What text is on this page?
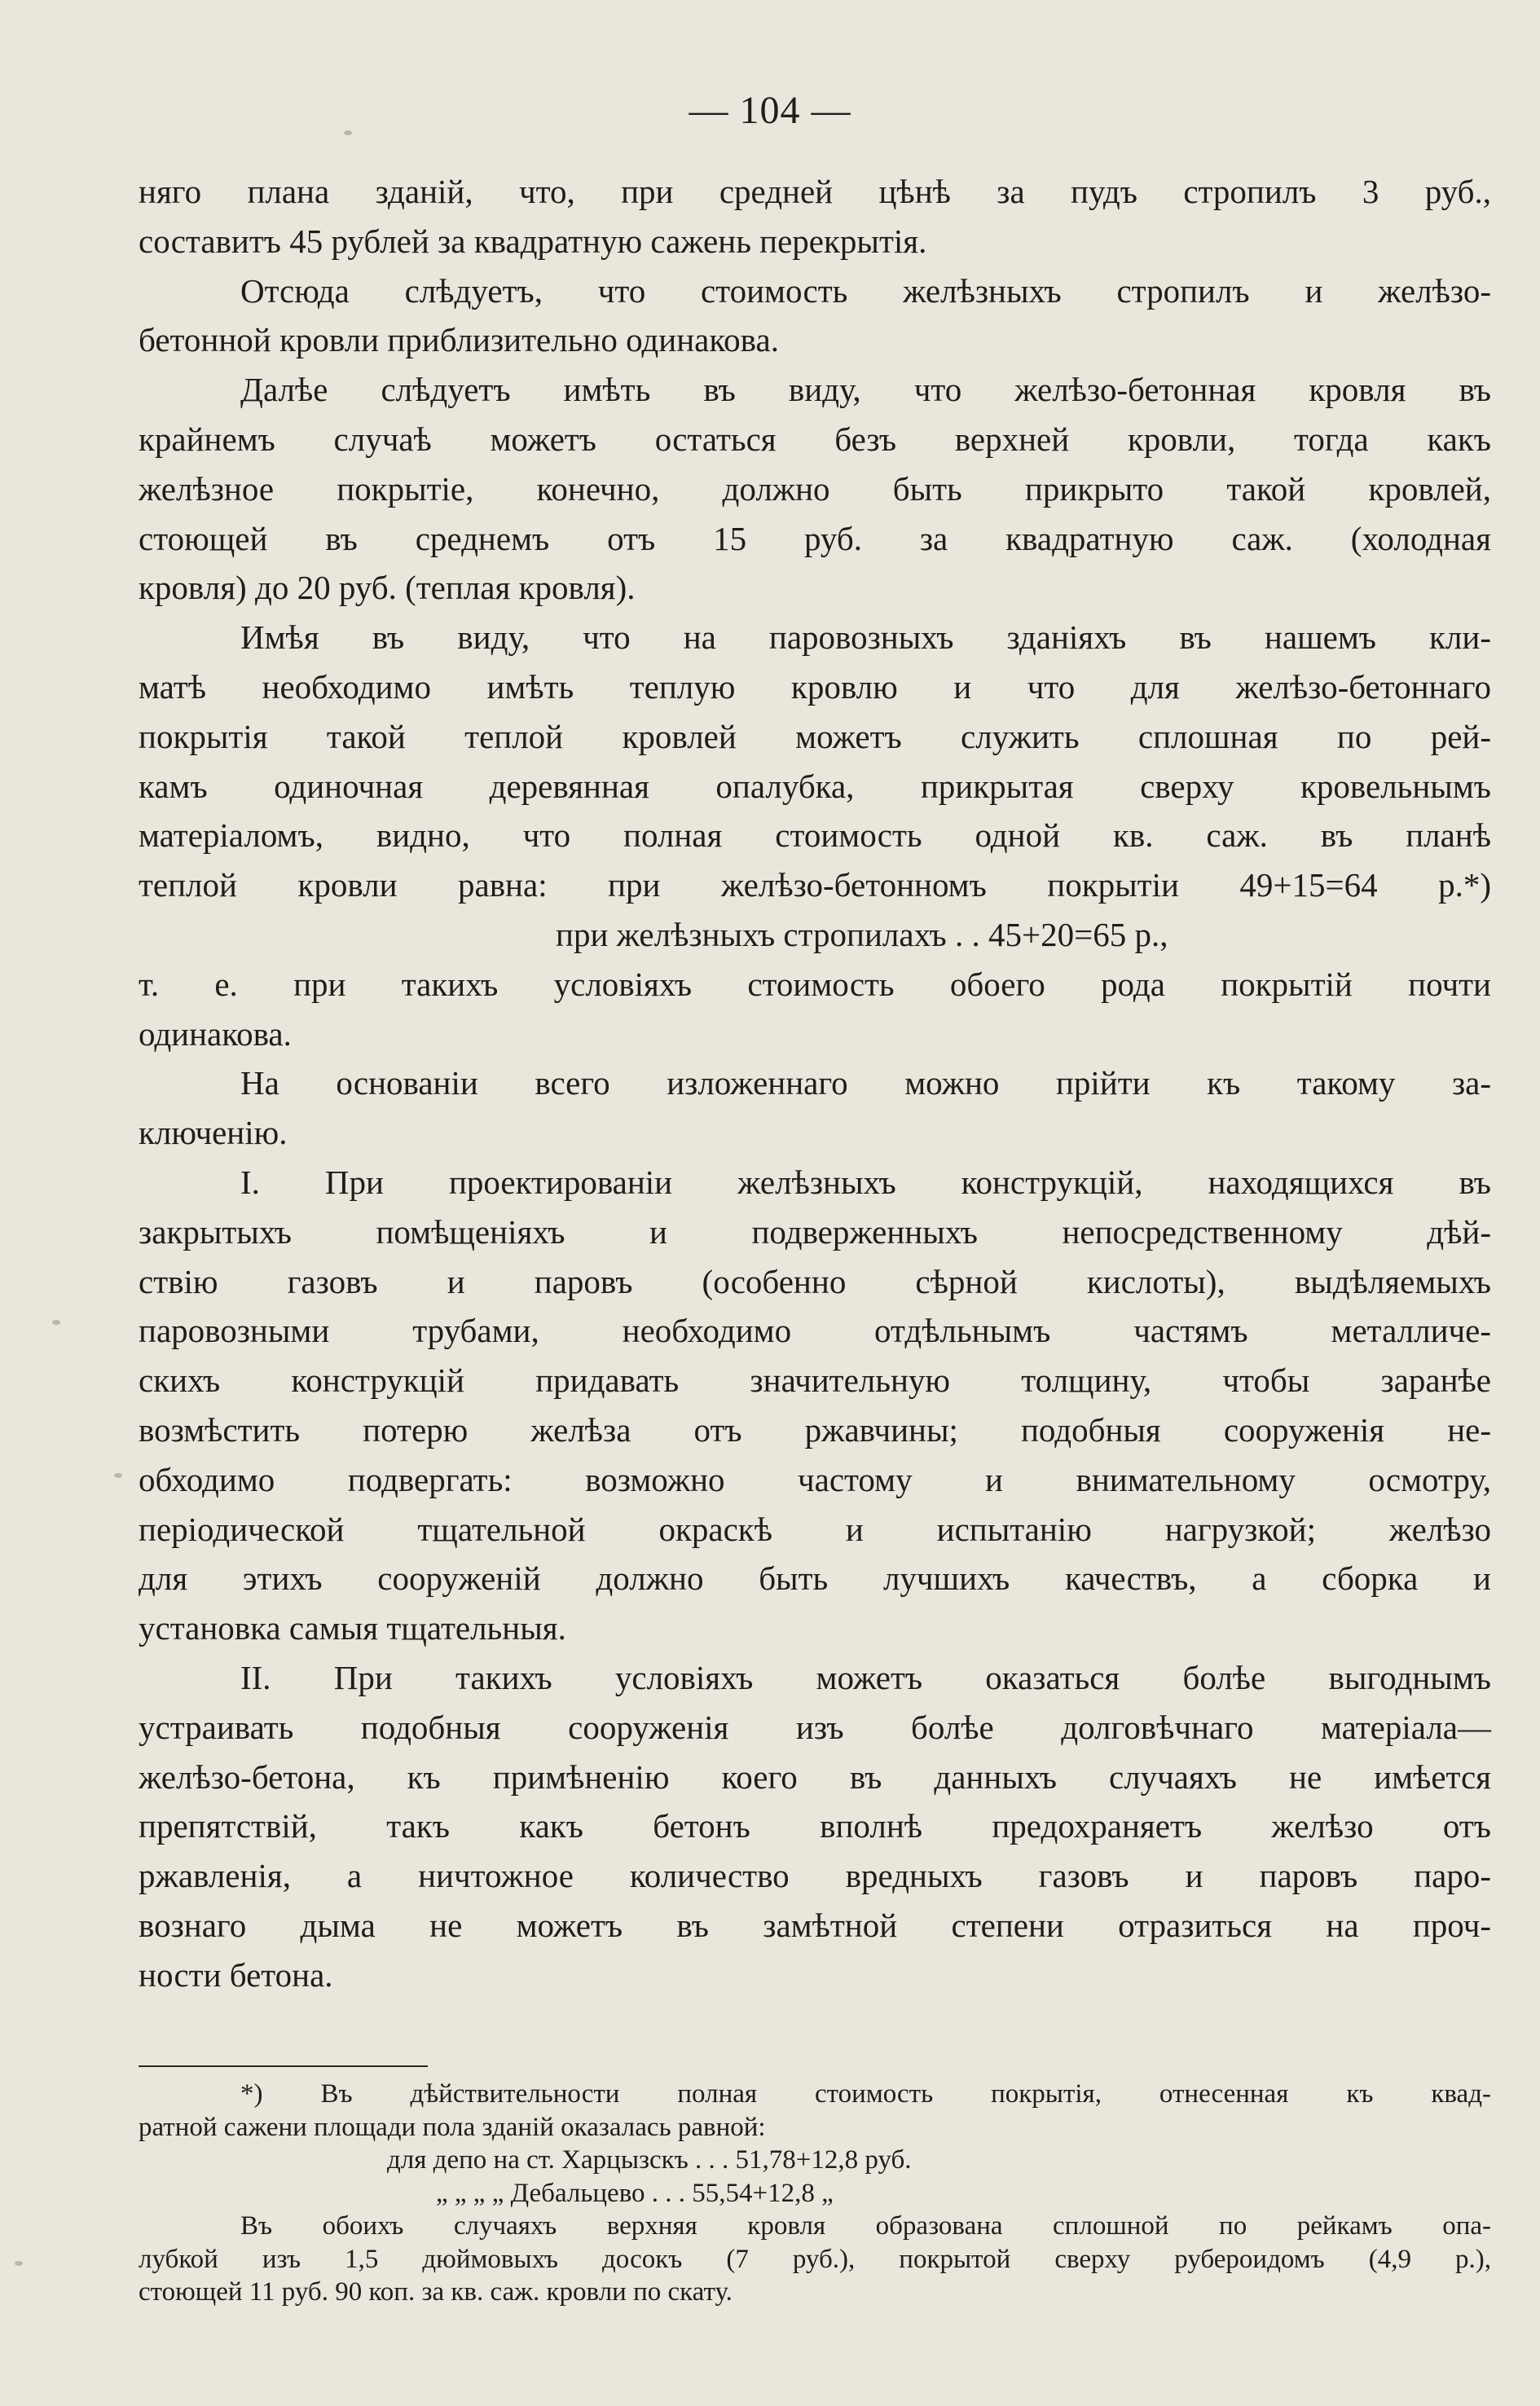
— 104 —
няго плана зданій, что, при средней цѣнѣ за пудъ стропилъ 3 руб.,
составитъ 45 рублей за квадратную сажень перекрытія.
Отсюда слѣдуетъ, что стоимость желѣзныхъ стропилъ и желѣзо-
бетонной кровли приблизительно одинакова.
Далѣе слѣдуетъ имѣть въ виду, что желѣзо-бетонная кровля въ
крайнемъ случаѣ можетъ остаться безъ верхней кровли, тогда какъ
желѣзное покрытіе, конечно, должно быть прикрыто такой кровлей,
стоющей въ среднемъ отъ 15 руб. за квадратную саж. (холодная
кровля) до 20 руб. (теплая кровля).
Имѣя въ виду, что на паровозныхъ зданіяхъ въ нашемъ кли-
матѣ необходимо имѣть теплую кровлю и что для желѣзо-бетоннаго
покрытія такой теплой кровлей можетъ служить сплошная по рей-
камъ одиночная деревянная опалубка, прикрытая сверху кровельнымъ
матеріаломъ, видно, что полная стоимость одной кв. саж. въ планѣ
теплой кровли равна: при желѣзо-бетонномъ покрытіи 49+15=64 р.*)
при желѣзныхъ стропилахъ . . 45+20=65 р.,
т. е. при такихъ условіяхъ стоимость обоего рода покрытій почти
одинакова.
На основаніи всего изложеннаго можно прійти къ такому за-
ключенію.
I. При проектированіи желѣзныхъ конструкцій, находящихся въ
закрытыхъ помѣщеніяхъ и подверженныхъ непосредственному дѣй-
ствію газовъ и паровъ (особенно сѣрной кислоты), выдѣляемыхъ
паровозными трубами, необходимо отдѣльнымъ частямъ металличе-
скихъ конструкцій придавать значительную толщину, чтобы заранѣе
возмѣстить потерю желѣза отъ ржавчины; подобныя сооруженія не-
обходимо подвергать: возможно частому и внимательному осмотру,
періодической тщательной окраскѣ и испытанію нагрузкой; желѣзо
для этихъ сооруженій должно быть лучшихъ качествъ, а сборка и
установка самыя тщательныя.
II. При такихъ условіяхъ можетъ оказаться болѣе выгоднымъ
устраивать подобныя сооруженія изъ болѣе долговѣчнаго матеріала—
желѣзо-бетона, къ примѣненію коего въ данныхъ случаяхъ не имѣется
препятствій, такъ какъ бетонъ вполнѣ предохраняетъ желѣзо отъ
ржавленія, а ничтожное количество вредныхъ газовъ и паровъ паро-
вознаго дыма не можетъ въ замѣтной степени отразиться на проч-
ности бетона.
*) Въ дѣйствительности полная стоимость покрытія, отнесенная къ квад-
ратной сажени площади пола зданій оказалась равной:
для депо на ст. Харцызскъ . . . 51,78+12,8 руб.
„ „ „ „ Дебальцево . . . 55,54+12,8 „
Въ обоихъ случаяхъ верхняя кровля образована сплошной по рейкамъ опа-
лубкой изъ 1,5 дюймовыхъ досокъ (7 руб.), покрытой сверху рубероидомъ (4,9 р.),
стоющей 11 руб. 90 коп. за кв. саж. кровли по скату.
